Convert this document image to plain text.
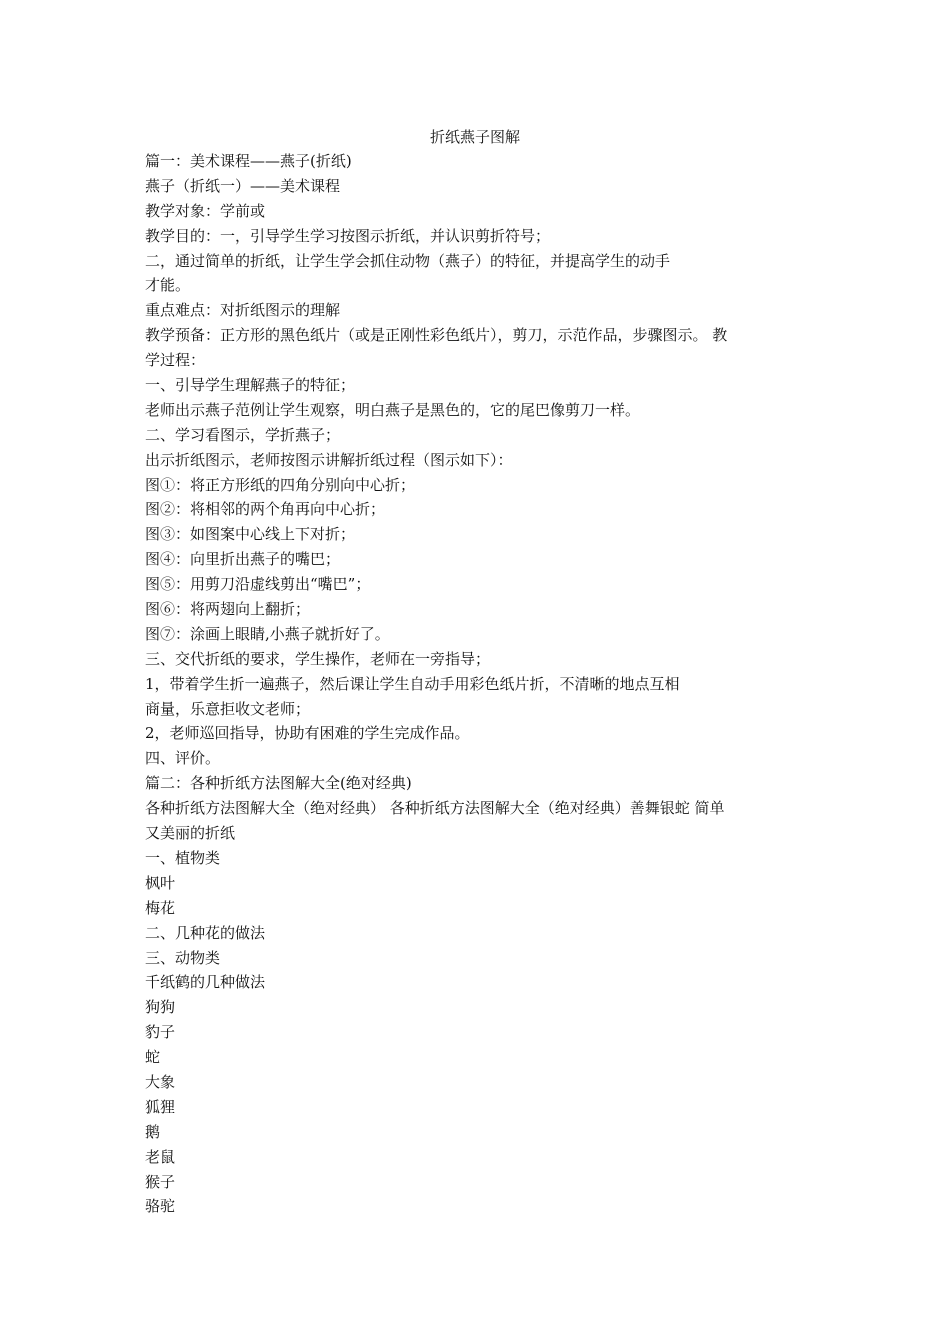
折纸燕子图解
篇一：美术课程——燕子(折纸)
燕子（折纸一）——美术课程
教学对象：学前或
教学目的：一，引导学生学习按图示折纸，并认识剪折符号；
二，通过简单的折纸，让学生学会抓住动物（燕子）的特征，并提高学生的动手
才能。
重点难点：对折纸图示的理解
教学预备：正方形的黑色纸片（或是正刚性彩色纸片），剪刀，示范作品，步骤图示。 教
学过程：
一、引导学生理解燕子的特征；
老师出示燕子范例让学生观察，明白燕子是黑色的，它的尾巴像剪刀一样。
二、学习看图示，学折燕子；
出示折纸图示，老师按图示讲解折纸过程（图示如下）：
图①：将正方形纸的四角分别向中心折；
图②：将相邻的两个角再向中心折；
图③：如图案中心线上下对折；
图④：向里折出燕子的嘴巴；
图⑤：用剪刀沿虚线剪出“嘴巴”；
图⑥：将两翅向上翻折；
图⑦：涂画上眼睛,小燕子就折好了。
三、交代折纸的要求，学生操作，老师在一旁指导；
1，带着学生折一遍燕子，然后课让学生自动手用彩色纸片折，不清晰的地点互相
商量，乐意拒收文老师；
2，老师巡回指导，协助有困难的学生完成作品。
四、评价。
篇二：各种折纸方法图解大全(绝对经典)
各种折纸方法图解大全（绝对经典） 各种折纸方法图解大全（绝对经典）善舞银蛇 简单
又美丽的折纸
一、植物类
枫叶
梅花
二、几种花的做法
三、动物类
千纸鹤的几种做法
狗狗
豹子
蛇
大象
狐狸
鹅
老鼠
猴子
骆驼
